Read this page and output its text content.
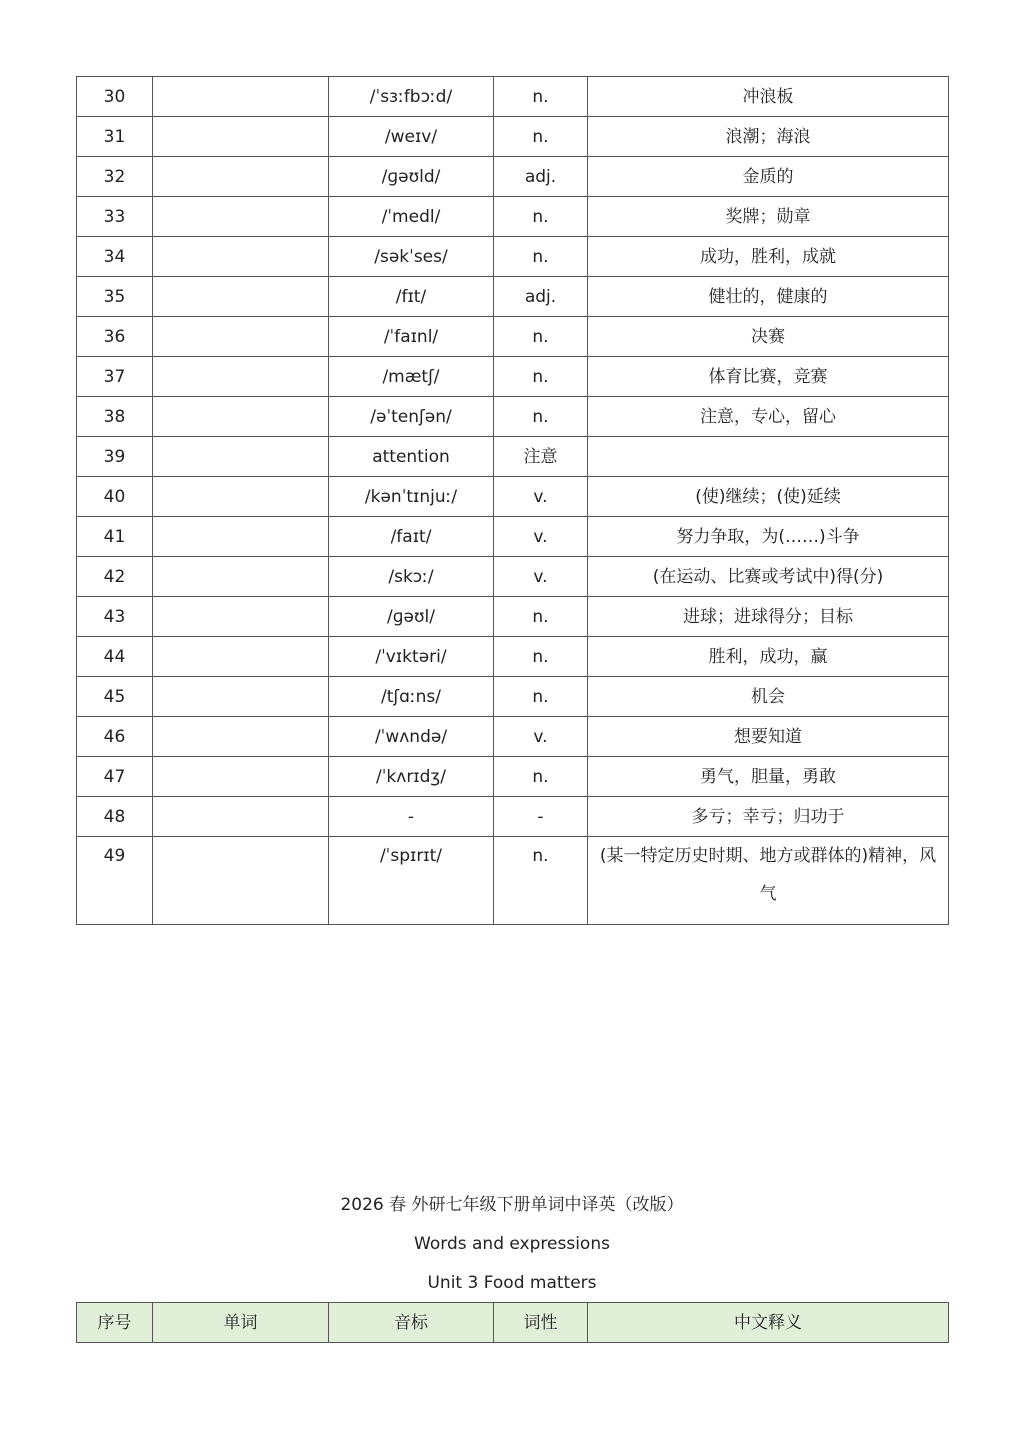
30		/ˈsɜːfbɔːd/	n.	冲浪板
31		/weɪv/	n.	浪潮；海浪
32		/ɡəʊld/	adj.	金质的
33		/ˈmedl/	n.	奖牌；勋章
34		/səkˈses/	n.	成功，胜利，成就
35		/fɪt/	adj.	健壮的，健康的
36		/ˈfaɪnl/	n.	决赛
37		/mætʃ/	n.	体育比赛，竞赛
38		/əˈtenʃən/	n.	注意，专心，留心
39		attention	注意	
40		/kənˈtɪnjuː/	v.	(使)继续；(使)延续
41		/faɪt/	v.	努力争取，为(……)斗争
42		/skɔː/	v.	(在运动、比赛或考试中)得(分)
43		/ɡəʊl/	n.	进球；进球得分；目标
44		/ˈvɪktəri/	n.	胜利，成功，赢
45		/tʃɑːns/	n.	机会
46		/ˈwʌndə/	v.	想要知道
47		/ˈkʌrɪdʒ/	n.	勇气，胆量，勇敢
48		-	-	多亏；幸亏；归功于
49		/ˈspɪrɪt/	n.	(某一特定历史时期、地方或群体的)精神，风气
2026 春 外研七年级下册单词中译英（改版）
Words and expressions
Unit 3 Food matters
序号	单词	音标	词性	中文释义
